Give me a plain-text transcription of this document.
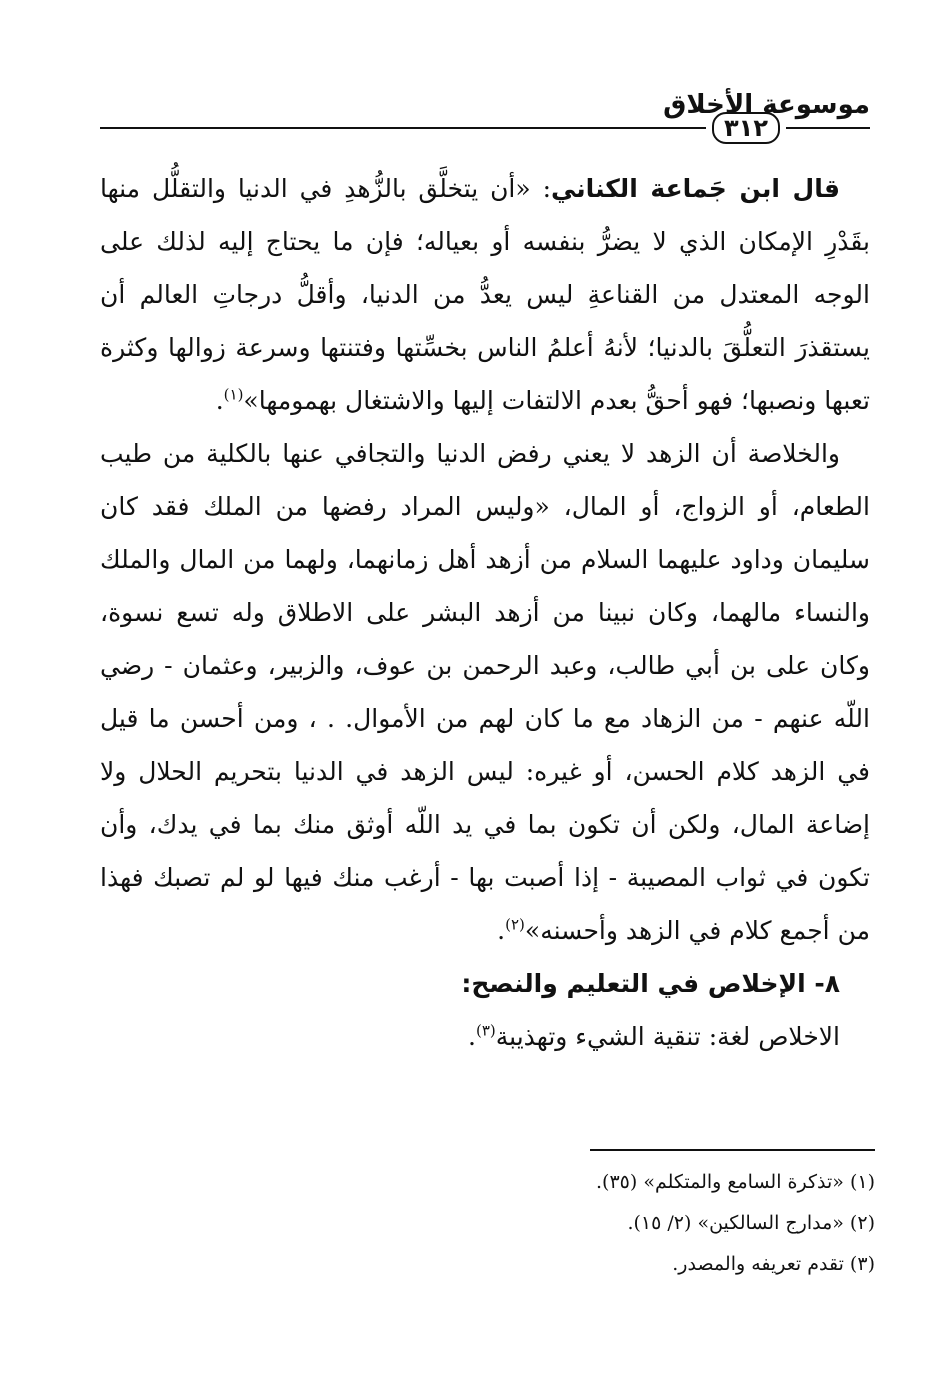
٣١٢
موسوعة الأخلاق

قال ابن جَماعة الكناني: «أن يتخلَّق بالزُّهدِ في الدنيا والتقلُّل منها بقَدْرِ الإمكان الذي لا يضرُّ بنفسه أو بعياله؛ فإن ما يحتاج إليه لذلك على الوجه المعتدل من القناعةِ ليس يعدُّ من الدنيا، وأقلُّ درجاتِ العالم أن يستقذرَ التعلُّقَ بالدنيا؛ لأنهُ أعلمُ الناس بخسِّتها وفتنتها وسرعة زوالها وكثرة تعبها ونصبها؛ فهو أحقُّ بعدم الالتفات إليها والاشتغال بهمومها»$^{(١)}$.

والخلاصة أن الزهد لا يعني رفض الدنيا والتجافي عنها بالكلية من طيب الطعام، أو الزواج، أو المال، «وليس المراد رفضها من الملك فقد كان سليمان وداود عليهما السلام من أزهد أهل زمانهما، ولهما من المال والملك والنساء مالهما، وكان نبينا من أزهد البشر على الاطلاق وله تسع نسوة، وكان على بن أبي طالب، وعبد الرحمن بن عوف، والزبير، وعثمان - رضي اللّه عنهم - من الزهاد مع ما كان لهم من الأموال. . ، ومن أحسن ما قيل في الزهد كلام الحسن، أو غيره: ليس الزهد في الدنيا بتحريم الحلال ولا إضاعة المال، ولكن أن تكون بما في يد اللّه أوثق منك بما في يدك، وأن تكون في ثواب المصيبة - إذا أصبت بها - أرغب منك فيها لو لم تصبك فهذا من أجمع كلام في الزهد وأحسنه»$^{(٢)}$.

٨- الإخلاص في التعليم والنصح:

الاخلاص لغة: تنقية الشيء وتهذيبة$^{(٣)}$.

(١) «تذكرة السامع والمتكلم» (٣٥).

(٢) «مدارج السالكين» (٢/ ١٥).

(٣) تقدم تعريفه والمصدر.
